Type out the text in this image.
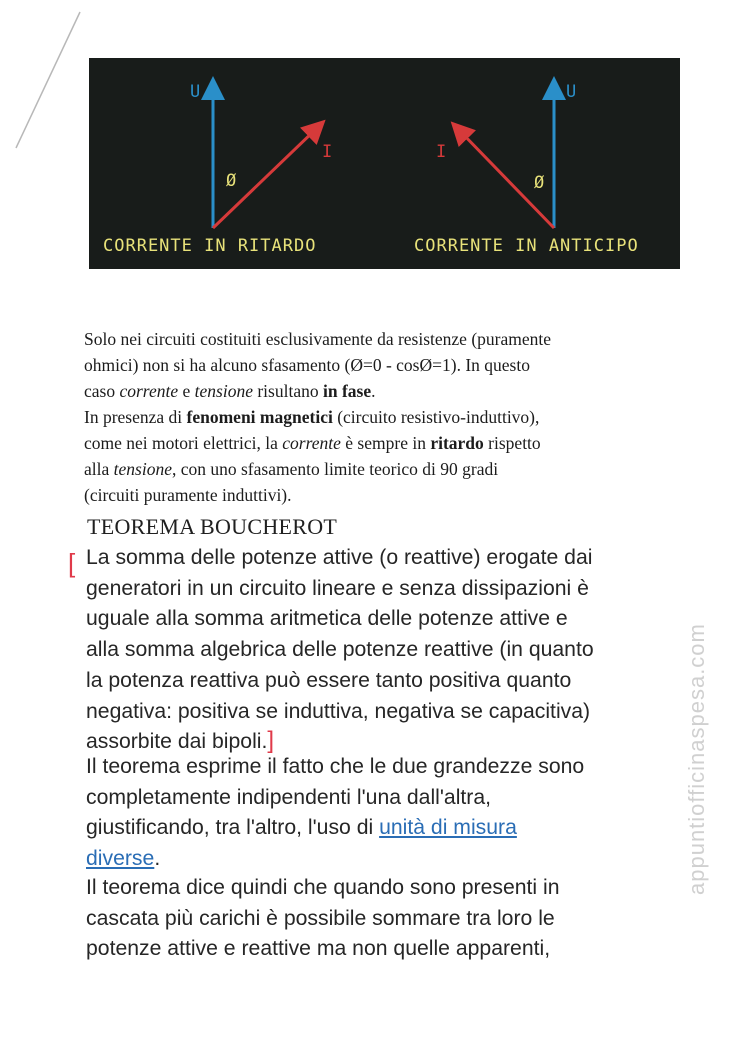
U
I
Ø
U
I
Ø
CORRENTE IN RITARDO	CORRENTE IN ANTICIPO

Solo nei circuiti costituiti esclusivamente da resistenze (puramente
ohmici) non si ha alcuno sfasamento (Ø=0 - cosØ=1). In questo
caso corrente e tensione risultano in fase.

In presenza di fenomeni magnetici (circuito resistivo-induttivo),
come nei motori elettrici, la corrente è sempre in ritardo rispetto
alla tensione, con uno sfasamento limite teorico di 90 gradi
(circuiti puramente induttivi).

TEOREMA BOUCHEROT
[ La somma delle potenze attive (o reattive) erogate dai
generatori in un circuito lineare e senza dissipazioni è
uguale alla somma aritmetica delle potenze attive e
alla somma algebrica delle potenze reattive (in quanto
la potenza reattiva può essere tanto positiva quanto
negativa: positiva se induttiva, negativa se capacitiva)
assorbite dai bipoli.]

Il teorema esprime il fatto che le due grandezze sono
completamente indipendenti l'una dall'altra,
giustificando, tra l'altro, l'uso di unità di misura
diverse.

Il teorema dice quindi che quando sono presenti in
cascata più carichi è possibile sommare tra loro le
potenze attive e reattive ma non quelle apparenti,

appuntiofficinaspesa.com
